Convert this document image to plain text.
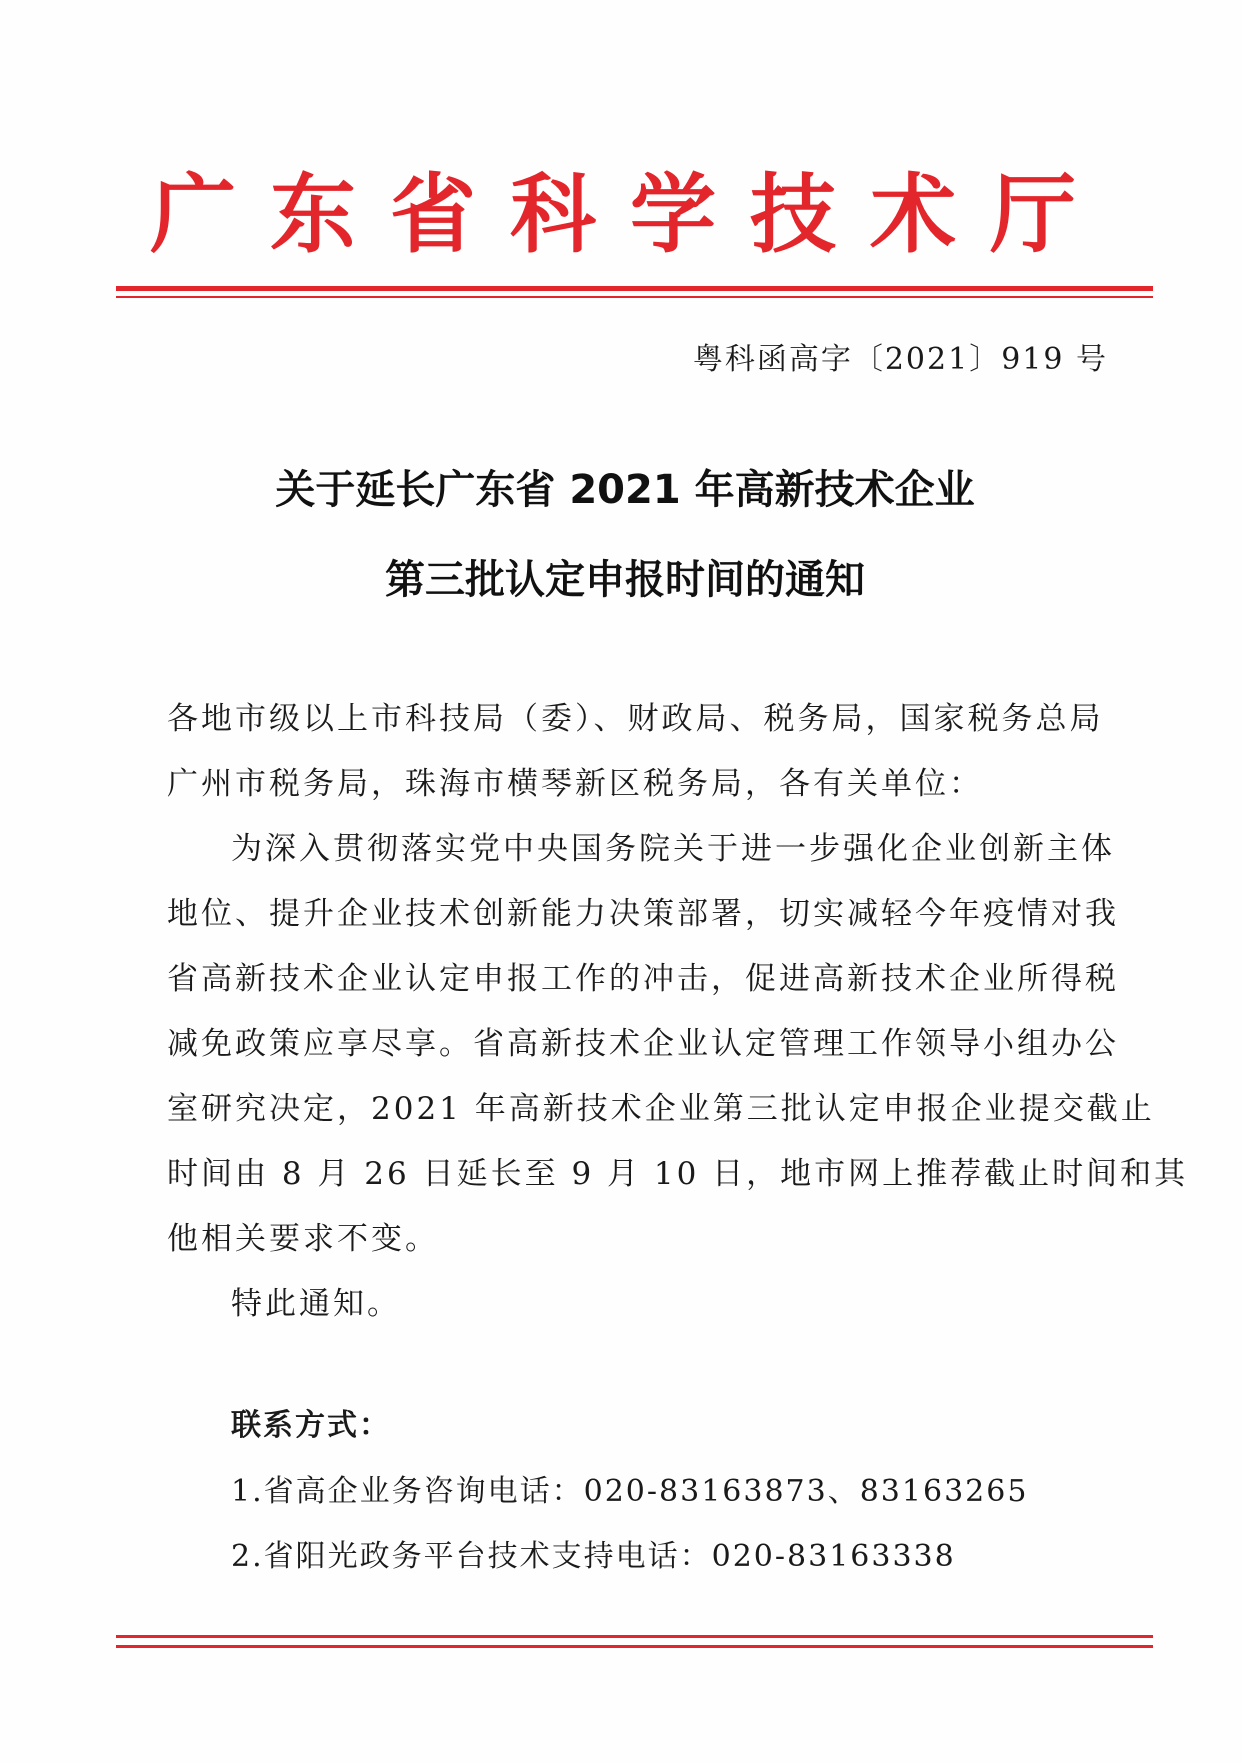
广东省科学技术厅
粤科函高字〔2021〕919 号
关于延长广东省 2021 年高新技术企业
第三批认定申报时间的通知
各地市级以上市科技局（委）、财政局、税务局，国家税务总局
广州市税务局，珠海市横琴新区税务局，各有关单位：
为深入贯彻落实党中央国务院关于进一步强化企业创新主体
地位、提升企业技术创新能力决策部署，切实减轻今年疫情对我
省高新技术企业认定申报工作的冲击，促进高新技术企业所得税
减免政策应享尽享。省高新技术企业认定管理工作领导小组办公
室研究决定，2021 年高新技术企业第三批认定申报企业提交截止
时间由 8 月 26 日延长至 9 月 10 日，地市网上推荐截止时间和其
他相关要求不变。
特此通知。
联系方式：
1.省高企业务咨询电话：020-83163873、83163265
2.省阳光政务平台技术支持电话：020-83163338
